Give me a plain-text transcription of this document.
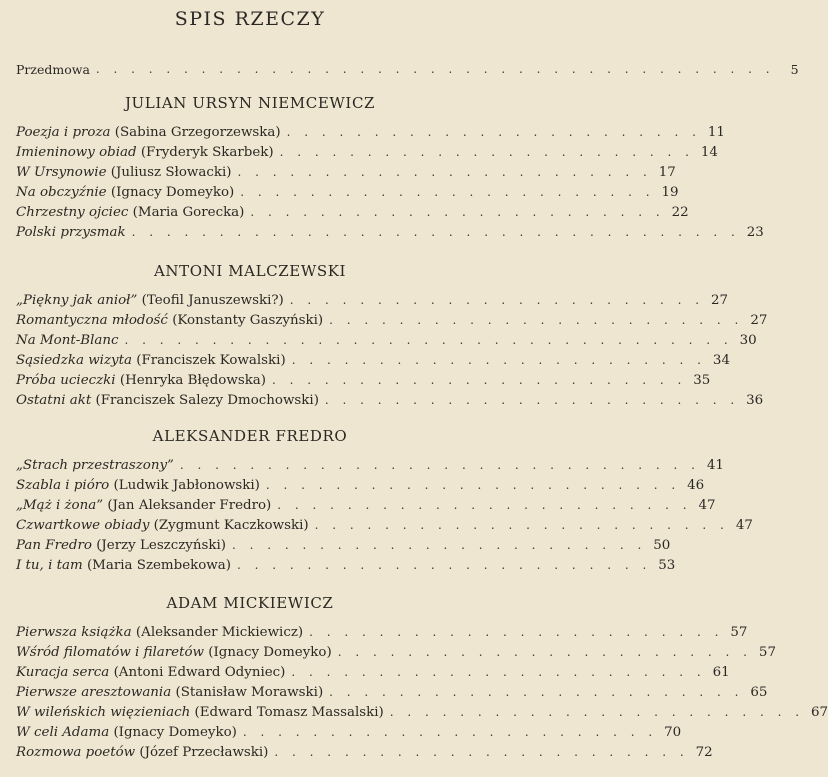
SPIS RZECZY
Przedmowa . . . . . . . . . . . . . . . . . . . . . . . . . . . . . . . . . . . . . . .	5
JULIAN URSYN NIEMCEWICZ
Poezja i proza (Sabina Grzegorzewska) . . . . . . . . . . . . . . . . . . . . . . . . 11
Imieninowy obiad (Fryderyk Skarbek) . . . . . . . . . . . . . . . . . . . . . . . . 14
W Ursynowie (Juliusz Słowacki) . . . . . . . . . . . . . . . . . . . . . . . . 17
Na obczyźnie (Ignacy Domeyko) . . . . . . . . . . . . . . . . . . . . . . . . 19
Chrzestny ojciec (Maria Gorecka) . . . . . . . . . . . . . . . . . . . . . . . . 22
Polski przysmak . . . . . . . . . . . . . . . . . . . . . . . . . . . . . . . . . . . 23
ANTONI MALCZEWSKI
„Piękny jak anioł” (Teofil Januszewski?) . . . . . . . . . . . . . . . . . . . . . . . . 27
Romantyczna młodość (Konstanty Gaszyński) . . . . . . . . . . . . . . . . . . . . . . . . 27
Na Mont-Blanc . . . . . . . . . . . . . . . . . . . . . . . . . . . . . . . . . . . 30
Sąsiedzka wizyta (Franciszek Kowalski) . . . . . . . . . . . . . . . . . . . . . . . . 34
Próba ucieczki (Henryka Błędowska) . . . . . . . . . . . . . . . . . . . . . . . . 35
Ostatni akt (Franciszek Salezy Dmochowski) . . . . . . . . . . . . . . . . . . . . . . . . 36
ALEKSANDER FREDRO
„Strach przestraszony” . . . . . . . . . . . . . . . . . . . . . . . . . . . . . . 41
Szabla i pióro (Ludwik Jabłonowski) . . . . . . . . . . . . . . . . . . . . . . . . 46
„Mąż i żona” (Jan Aleksander Fredro) . . . . . . . . . . . . . . . . . . . . . . . . 47
Czwartkowe obiady (Zygmunt Kaczkowski) . . . . . . . . . . . . . . . . . . . . . . . . 47
Pan Fredro (Jerzy Leszczyński) . . . . . . . . . . . . . . . . . . . . . . . . 50
I tu, i tam (Maria Szembekowa) . . . . . . . . . . . . . . . . . . . . . . . . 53
ADAM MICKIEWICZ
Pierwsza książka (Aleksander Mickiewicz) . . . . . . . . . . . . . . . . . . . . . . . . 57
Wśród filomatów i filaretów (Ignacy Domeyko) . . . . . . . . . . . . . . . . . . . . . . . . 57
Kuracja serca (Antoni Edward Odyniec) . . . . . . . . . . . . . . . . . . . . . . . . 61
Pierwsze aresztowania (Stanisław Morawski) . . . . . . . . . . . . . . . . . . . . . . . . 65
W wileńskich więzieniach (Edward Tomasz Massalski) . . . . . . . . . . . . . . . . . . . . . . . . 67
W celi Adama (Ignacy Domeyko) . . . . . . . . . . . . . . . . . . . . . . . . 70
Rozmowa poetów (Józef Przecławski) . . . . . . . . . . . . . . . . . . . . . . . . 72
